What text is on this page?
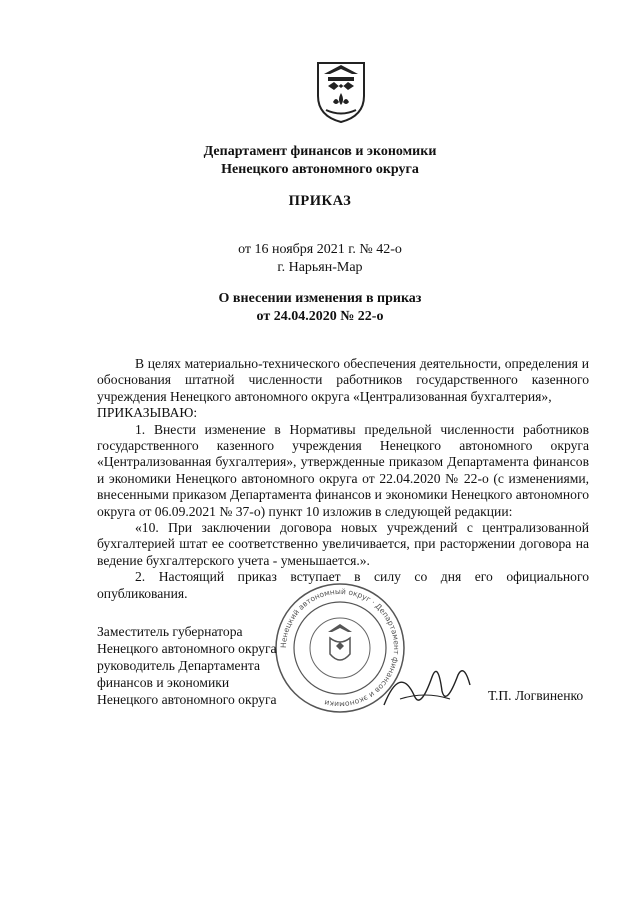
Департамент финансов и экономики
Ненецкого автономного округа
ПРИКАЗ
от 16 ноября 2021 г. № 42-о
г. Нарьян-Мар
О внесении изменения в приказ
от 24.04.2020 № 22-о

В целях материально-технического обеспечения деятельности, определения и обоснования штатной численности работников государственного казенного учреждения Ненецкого автономного округа «Централизованная бухгалтерия»,

ПРИКАЗЫВАЮ:

1. Внести изменение в Нормативы предельной численности работников государственного казенного учреждения Ненецкого автономного округа «Централизованная бухгалтерия», утвержденные приказом Департамента финансов и экономики Ненецкого автономного округа от 22.04.2020 № 22-о (с изменениями, внесенными приказом Департамента финансов и экономики Ненецкого автономного округа от 06.09.2021 № 37-о) пункт 10 изложив в следующей редакции:

«10. При заключении договора новых учреждений с централизованной бухгалтерией штат ее соответственно увеличивается, при расторжении договора на ведение бухгалтерского учета - уменьшается.».

2. Настоящий приказ вступает в силу со дня его официального опубликования.

Ненецкий автономный округ · Департамент финансов и экономики
Заместитель губернатора
Ненецкого автономного округа
руководитель Департамента
финансов и экономики
Ненецкого автономного округа	Т.П. Логвиненко
